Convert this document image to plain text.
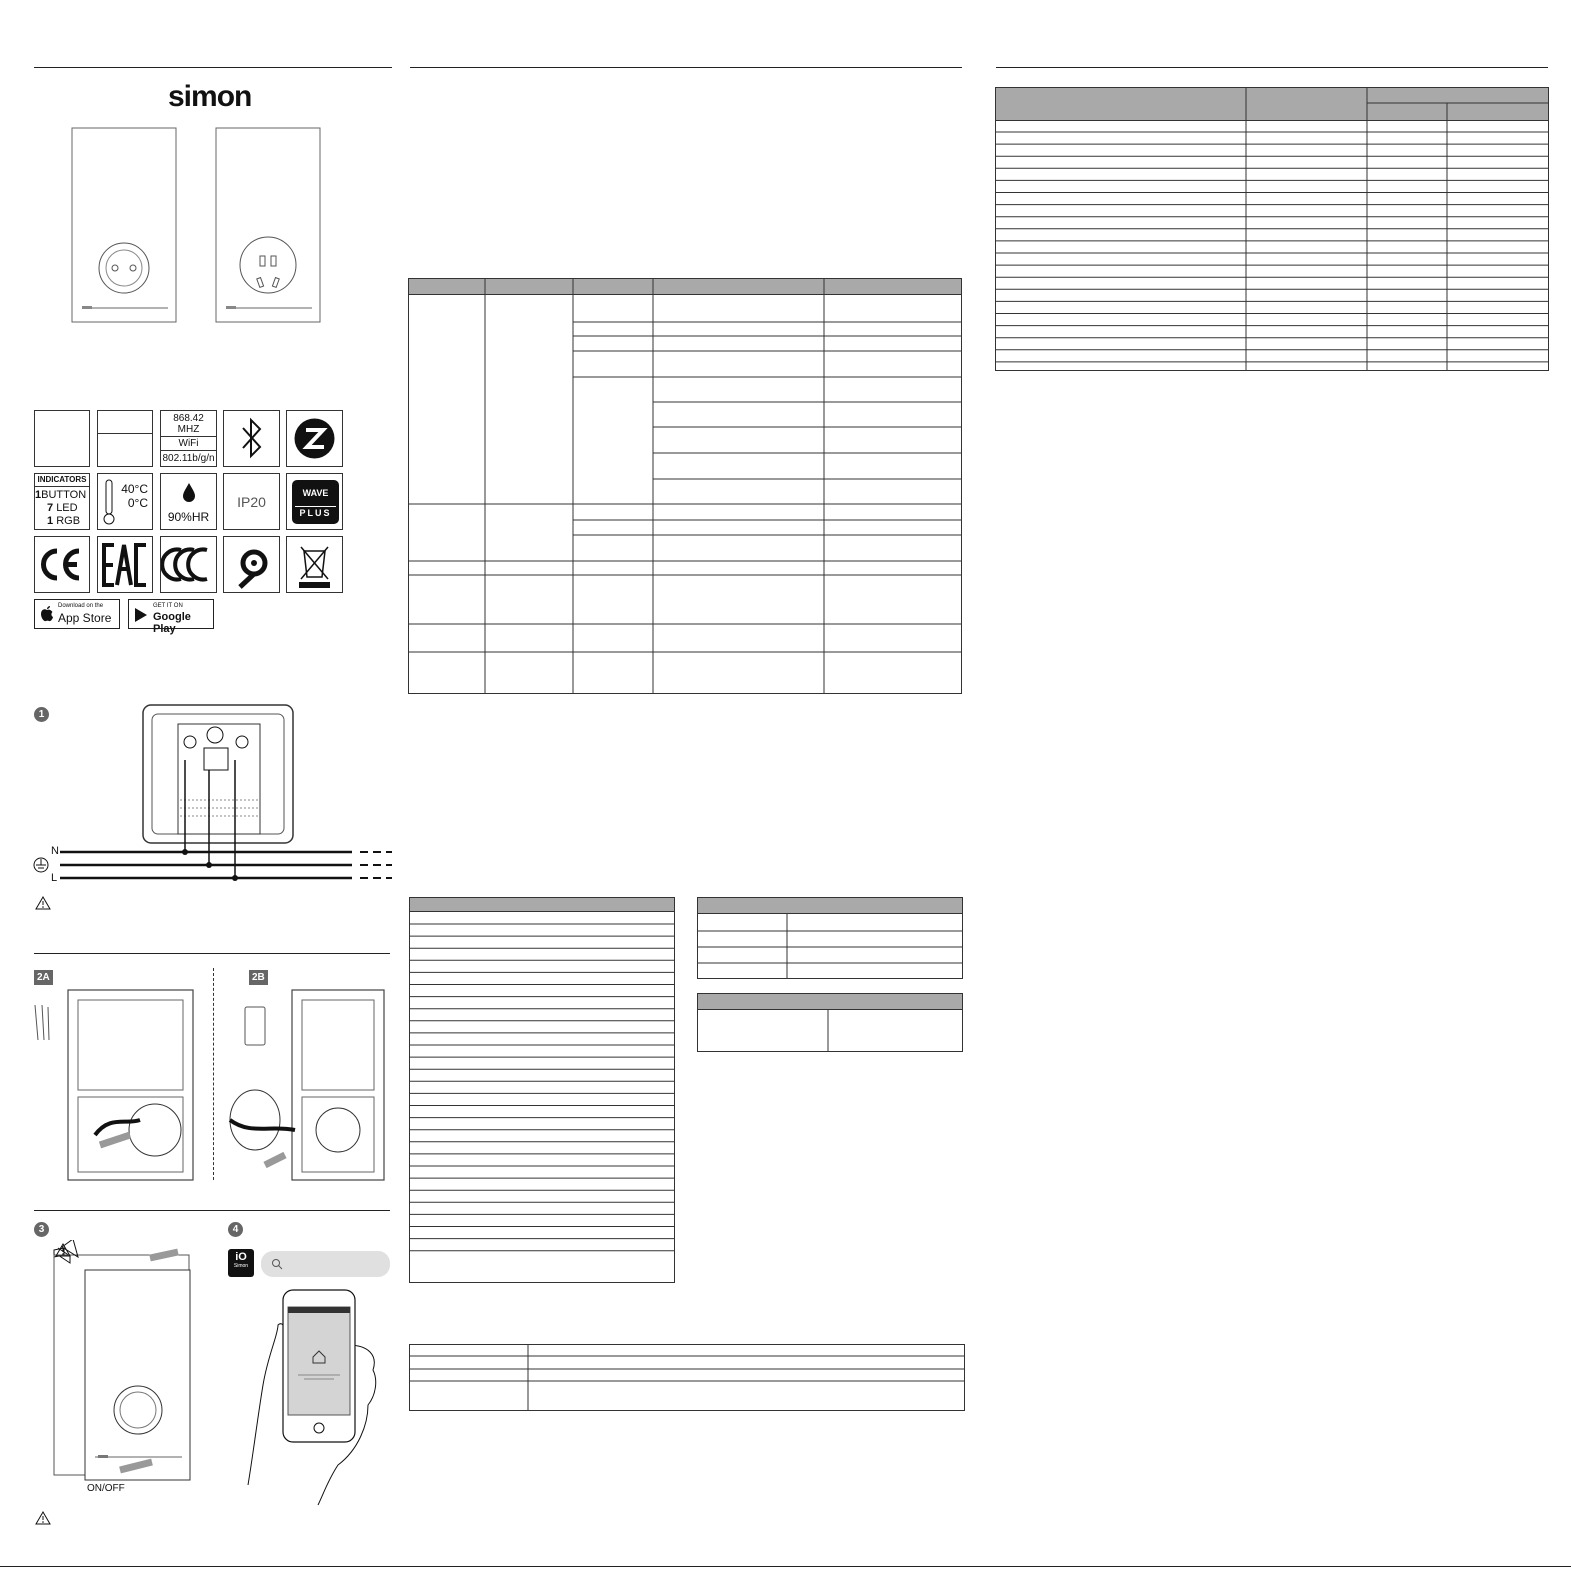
simon
868.42
MHZ
WiFi
802.11b/g/n
INDICATORS
1BUTTON
7 LED
1 RGB
40°C
0°C
90%HR
IP20
WAVE
PLUS
Download on the
App Store
GET IT ON
Google Play
1
N
L
2A	2B
3
ON/OFF
4
iO
Simon
